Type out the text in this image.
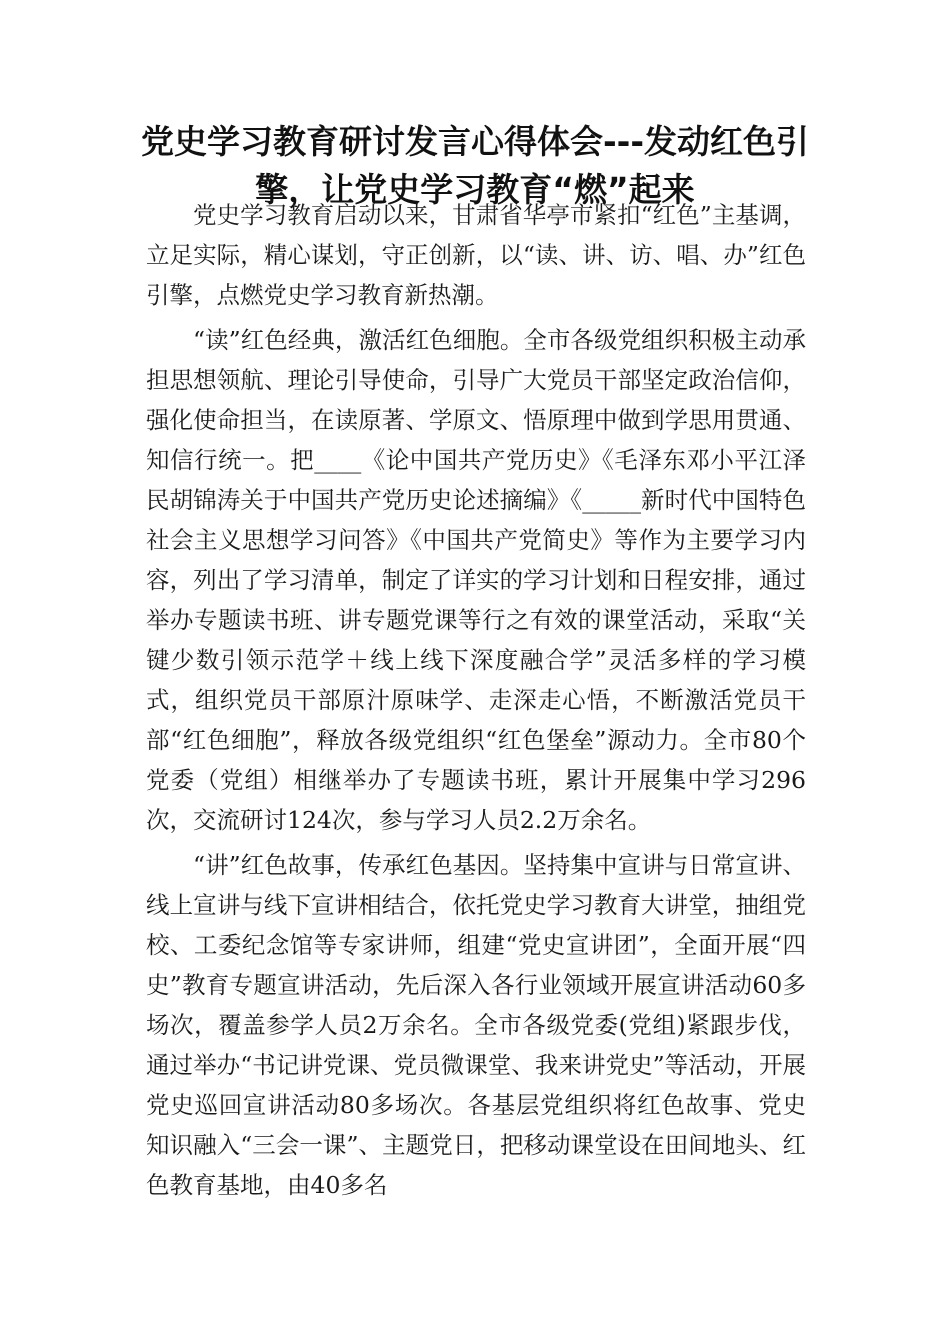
党史学习教育研讨发言心得体会---发动红色引擎，让党史学习教育“燃”起来

党史学习教育启动以来，甘肃省华亭市紧扣“红色”主基调，立足实际，精心谋划，守正创新，以“读、讲、访、唱、办”红色引擎，点燃党史学习教育新热潮。

“读”红色经典，激活红色细胞。全市各级党组织积极主动承担思想领航、理论引导使命，引导广大党员干部坚定政治信仰，强化使命担当，在读原著、学原文、悟原理中做到学思用贯通、知信行统一。把____《论中国共产党历史》《毛泽东邓小平江泽民胡锦涛关于中国共产党历史论述摘编》《_____新时代中国特色社会主义思想学习问答》《中国共产党简史》等作为主要学习内容，列出了学习清单，制定了详实的学习计划和日程安排，通过举办专题读书班、讲专题党课等行之有效的课堂活动，采取“关键少数引领示范学＋线上线下深度融合学”灵活多样的学习模式，组织党员干部原汁原味学、走深走心悟，不断激活党员干部“红色细胞”，释放各级党组织“红色堡垒”源动力。全市80个党委（党组）相继举办了专题读书班，累计开展集中学习296次，交流研讨124次，参与学习人员2.2万余名。

“讲”红色故事，传承红色基因。坚持集中宣讲与日常宣讲、线上宣讲与线下宣讲相结合，依托党史学习教育大讲堂，抽组党校、工委纪念馆等专家讲师，组建“党史宣讲团”，全面开展“四史”教育专题宣讲活动，先后深入各行业领域开展宣讲活动60多场次，覆盖参学人员2万余名。全市各级党委(党组)紧跟步伐，通过举办“书记讲党课、党员微课堂、我来讲党史”等活动，开展党史巡回宣讲活动80多场次。各基层党组织将红色故事、党史知识融入“三会一课”、主题党日，把移动课堂设在田间地头、红色教育基地，由40多名
